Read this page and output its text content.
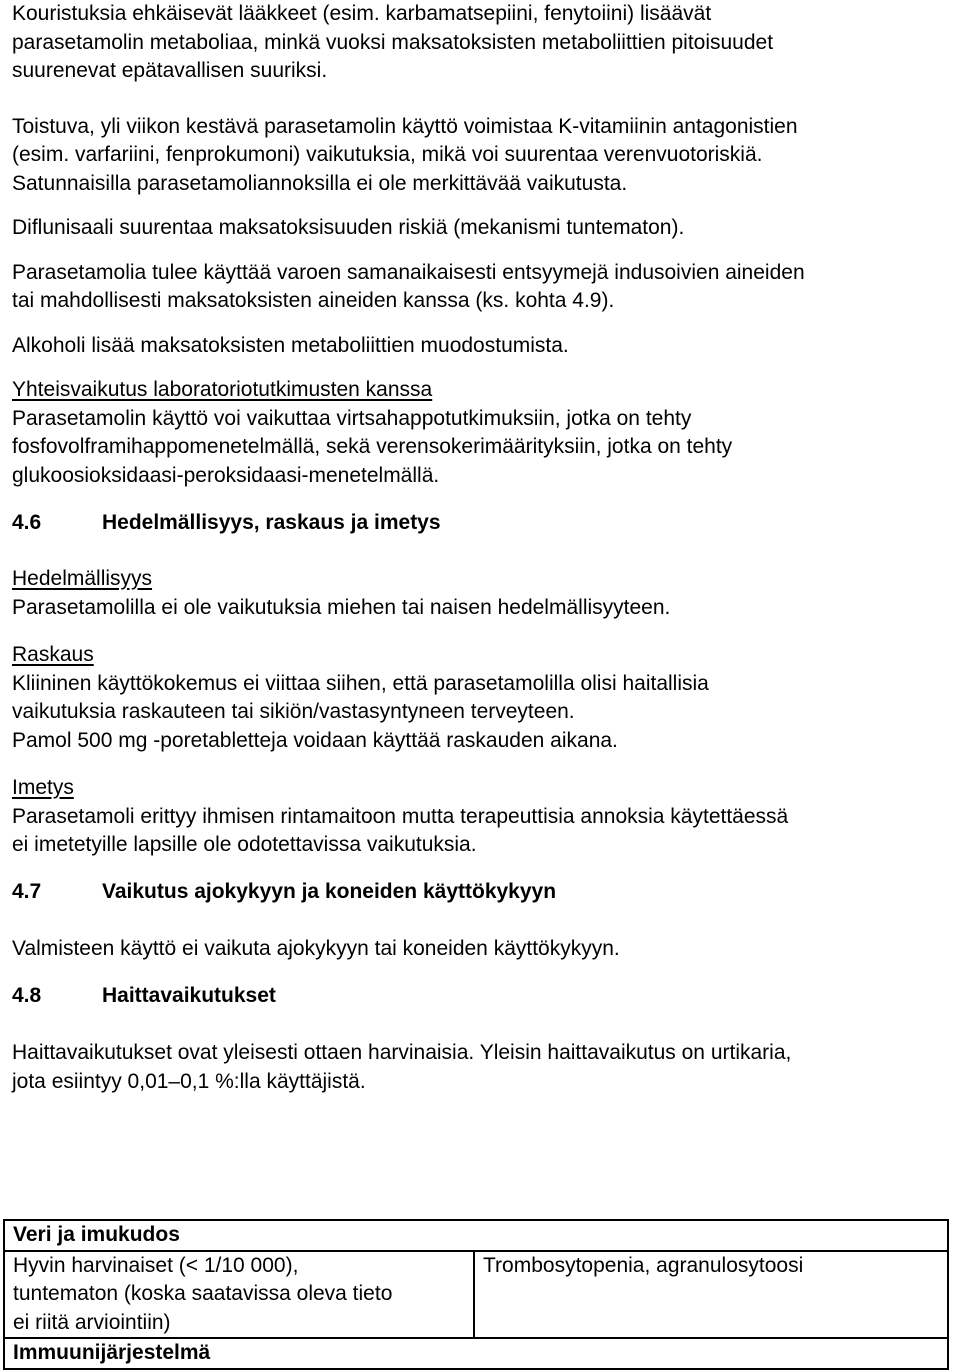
Kouristuksia ehkäisevät lääkkeet (esim. karbamatsepiini, fenytoiini) lisäävät

parasetamolin metaboliaa, minkä vuoksi maksatoksisten metaboliittien pitoisuudet

suurenevat epätavallisen suuriksi.

Toistuva, yli viikon kestävä parasetamolin käyttö voimistaa K-vitamiinin antagonistien

(esim. varfariini, fenprokumoni) vaikutuksia, mikä voi suurentaa verenvuotoriskiä.

Satunnaisilla parasetamoliannoksilla ei ole merkittävää vaikutusta.

Diflunisaali suurentaa maksatoksisuuden riskiä (mekanismi tuntematon).

Parasetamolia tulee käyttää varoen samanaikaisesti entsyymejä indusoivien aineiden

tai mahdollisesti maksatoksisten aineiden kanssa (ks. kohta 4.9).

Alkoholi lisää maksatoksisten metaboliittien muodostumista.

Yhteisvaikutus laboratoriotutkimusten kanssa

Parasetamolin käyttö voi vaikuttaa virtsahappotutkimuksiin, jotka on tehty

fosfovolframihappomenetelmällä, sekä verensokerimäärityksiin, jotka on tehty

glukoosioksidaasi-peroksidaasi-menetelmällä.

4.6	Hedelmällisyys, raskaus ja imetys

Hedelmällisyys

Parasetamolilla ei ole vaikutuksia miehen tai naisen hedelmällisyyteen.

Raskaus

Kliininen käyttökokemus ei viittaa siihen, että parasetamolilla olisi haitallisia

vaikutuksia raskauteen tai sikiön/vastasyntyneen terveyteen.

Pamol 500 mg -poretabletteja voidaan käyttää raskauden aikana.

Imetys

Parasetamoli erittyy ihmisen rintamaitoon mutta terapeuttisia annoksia käytettäessä

ei imetetyille lapsille ole odotettavissa vaikutuksia.

4.7	Vaikutus ajokykyyn ja koneiden käyttökykyyn

Valmisteen käyttö ei vaikuta ajokykyyn tai koneiden käyttökykyyn.

4.8	Haittavaikutukset

Haittavaikutukset ovat yleisesti ottaen harvinaisia. Yleisin haittavaikutus on urtikaria,

jota esiintyy 0,01–0,1 %:lla käyttäjistä.

Veri ja imukudos

Hyvin harvinaiset (< 1/10 000),
tuntematon (koska saatavissa oleva tieto
ei riitä arviointiin)
	Trombosytopenia, agranulosytoosi
Immuunijärjestelmä
